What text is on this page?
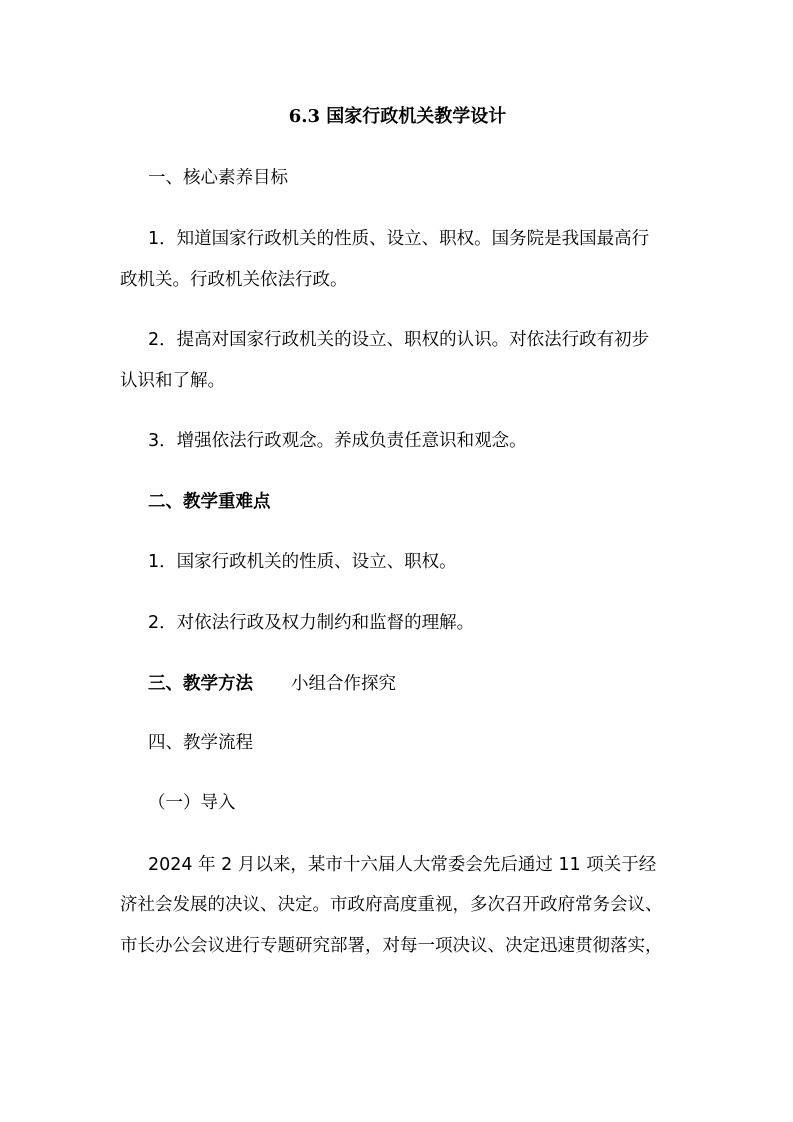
6.3 国家行政机关教学设计
一、核心素养目标
1．知道国家行政机关的性质、设立、职权。国务院是我国最高行
政机关。行政机关依法行政。
2．提高对国家行政机关的设立、职权的认识。对依法行政有初步
认识和了解。
3．增强依法行政观念。养成负责任意识和观念。
二、教学重难点
1．国家行政机关的性质、设立、职权。
2．对依法行政及权力制约和监督的理解。
三、教学方法 小组合作探究
四、教学流程
（一）导入
2024 年 2 月以来，某市十六届人大常委会先后通过 11 项关于经
济社会发展的决议、决定。市政府高度重视，多次召开政府常务会议、
市长办公会议进行专题研究部署，对每一项决议、决定迅速贯彻落实，
